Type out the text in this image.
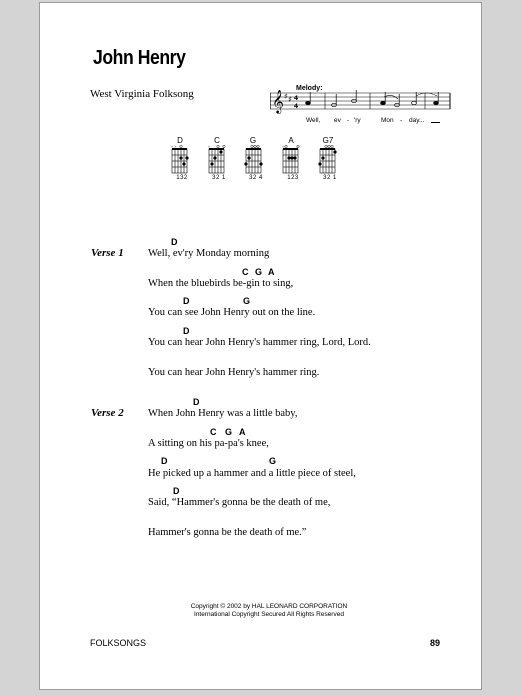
John Henry
West Virginia Folksong	Melody:
𝄞 ♯ ♯ 4
4
Well, ev - 'ry	Mon - day...
D	C	G	A	G7
× ×	×	×
132	32 1	32 4	123	32 1
Verse 1
D
Well, ev'ry Monday morning
C G A
When the bluebirds be-gin to sing,
D	G
You can see John Henry out on the line.
D
You can hear John Henry's hammer ring, Lord, Lord.
You can hear John Henry's hammer ring.
Verse 2
D
When John Henry was a little baby,
C G A
A sitting on his pa-pa's knee,
D	G
He picked up a hammer and a little piece of steel,
D
Said, “Hammer's gonna be the death of me,
Hammer's gonna be the death of me.”
Copyright © 2002 by HAL LEONARD CORPORATION
International Copyright Secured All Rights Reserved
FOLKSONGS	89
